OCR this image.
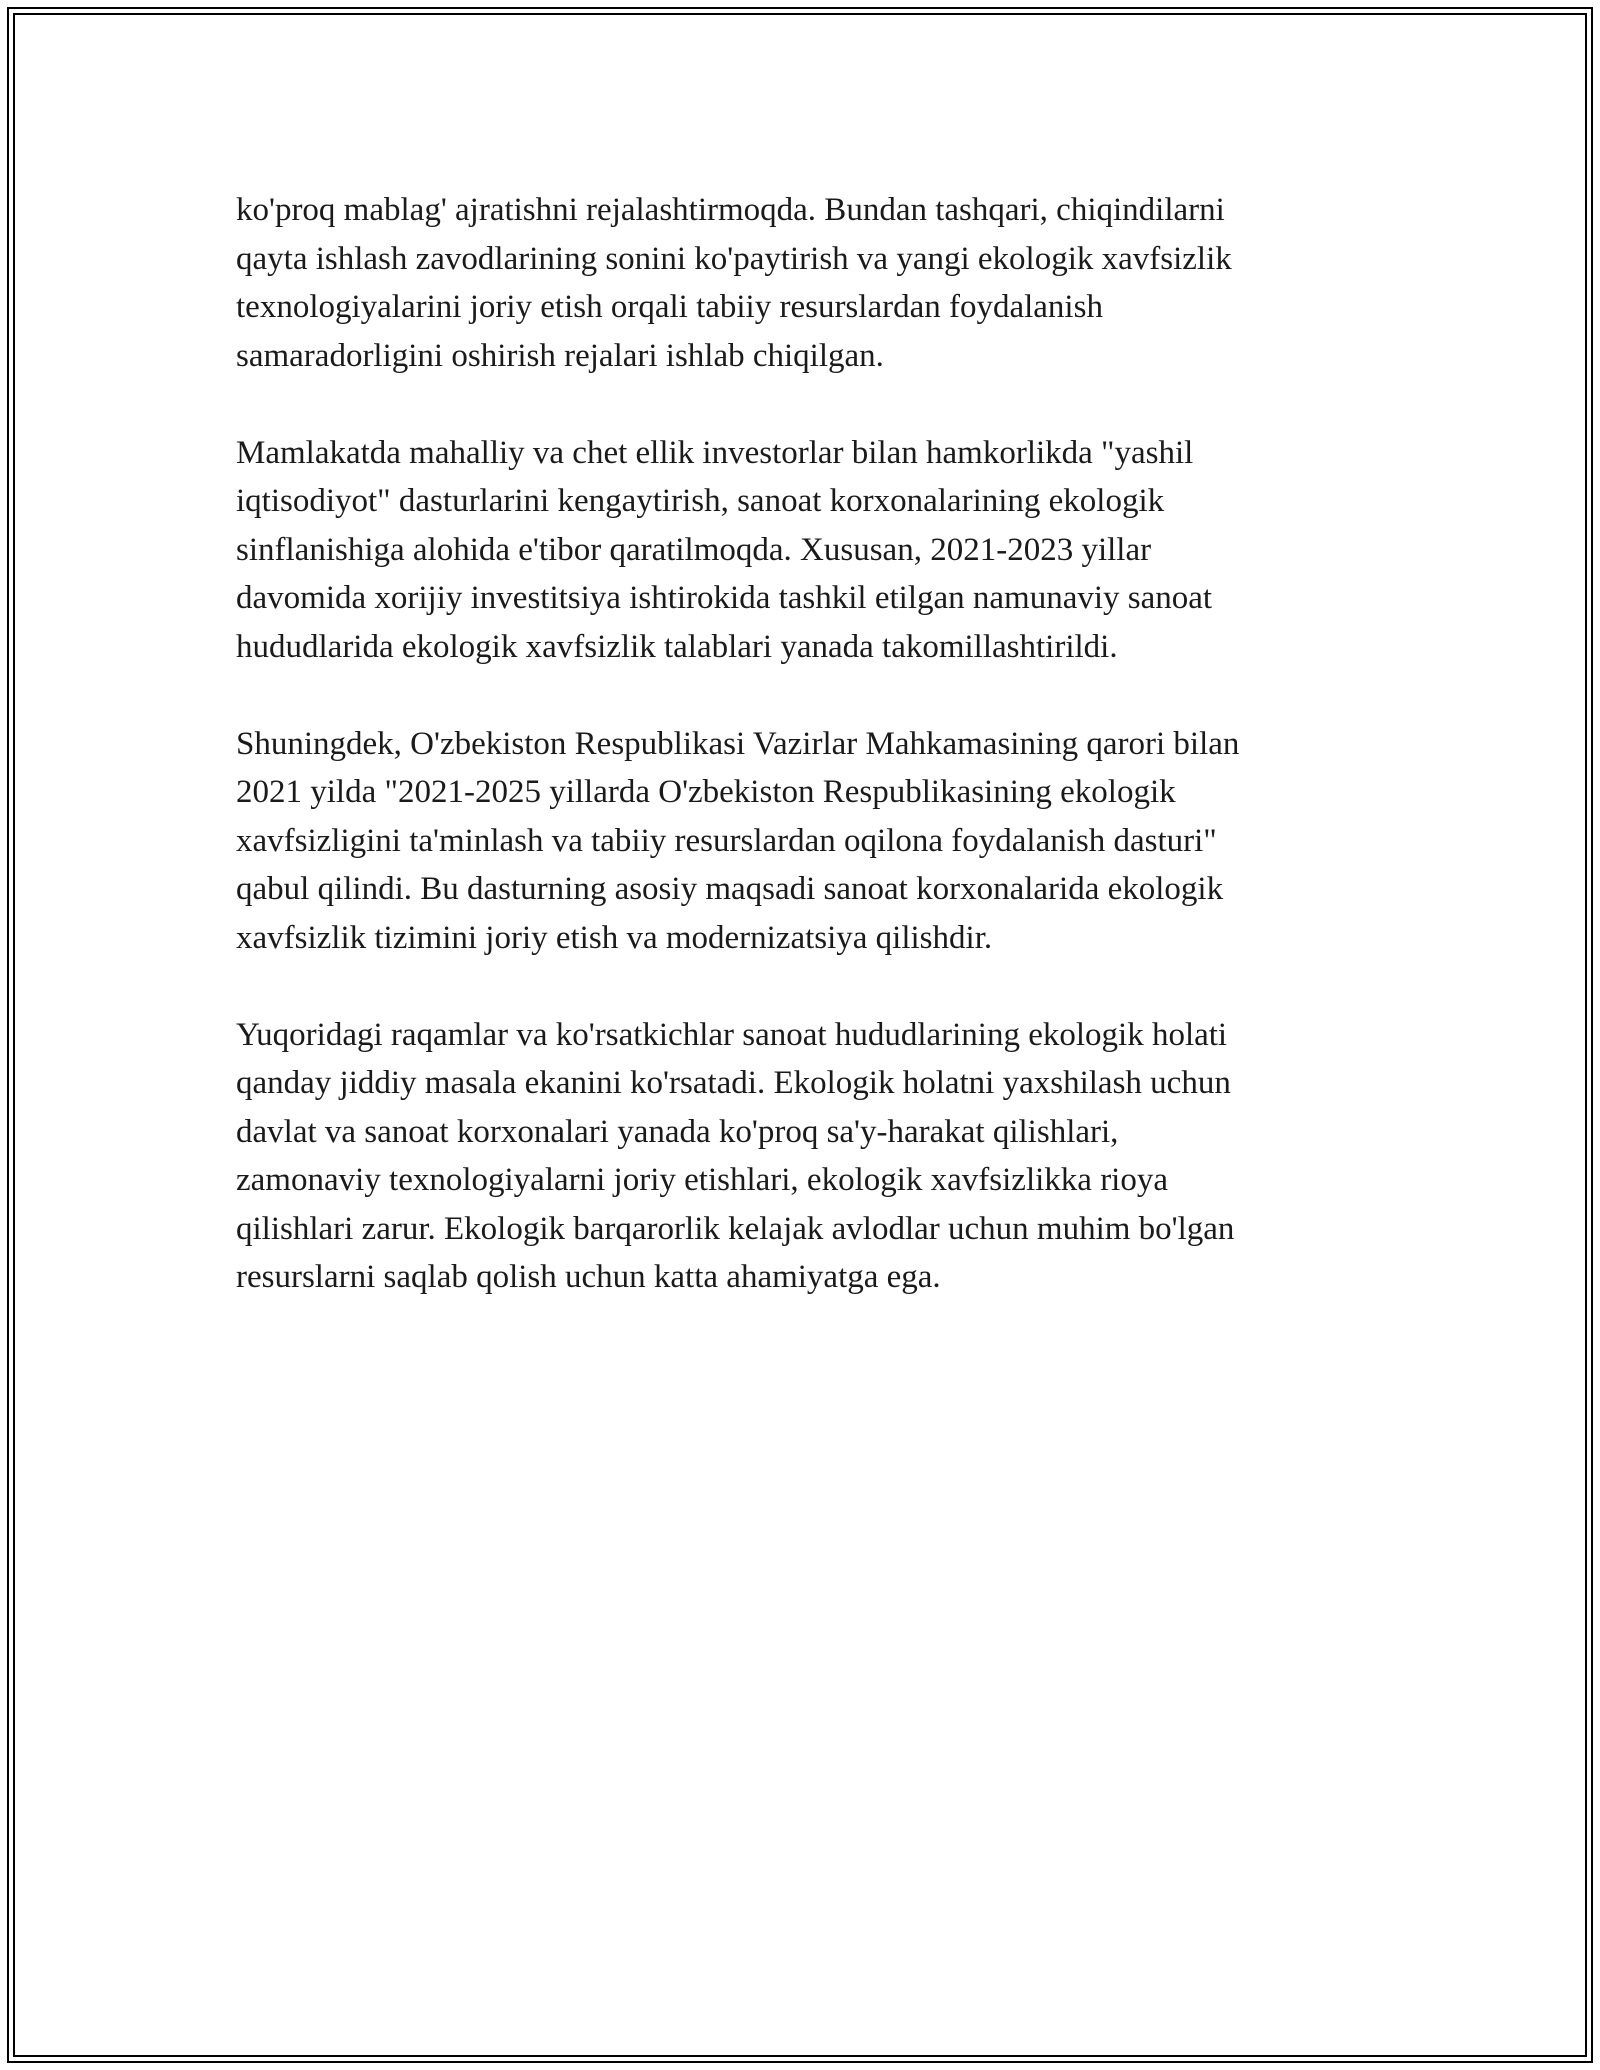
ko'proq mablag' ajratishni rejalashtirmoqda. Bundan tashqari, chiqindilarni
qayta ishlash zavodlarining sonini ko'paytirish va yangi ekologik xavfsizlik
texnologiyalarini joriy etish orqali tabiiy resurslardan foydalanish
samaradorligini oshirish rejalari ishlab chiqilgan.

Mamlakatda mahalliy va chet ellik investorlar bilan hamkorlikda "yashil
iqtisodiyot" dasturlarini kengaytirish, sanoat korxonalarining ekologik
sinflanishiga alohida e'tibor qaratilmoqda. Xususan, 2021-2023 yillar
davomida xorijiy investitsiya ishtirokida tashkil etilgan namunaviy sanoat
hududlarida ekologik xavfsizlik talablari yanada takomillashtirildi.

Shuningdek, O'zbekiston Respublikasi Vazirlar Mahkamasining qarori bilan
2021 yilda "2021-2025 yillarda O'zbekiston Respublikasining ekologik
xavfsizligini ta'minlash va tabiiy resurslardan oqilona foydalanish dasturi"
qabul qilindi. Bu dasturning asosiy maqsadi sanoat korxonalarida ekologik
xavfsizlik tizimini joriy etish va modernizatsiya qilishdir.

Yuqoridagi raqamlar va ko'rsatkichlar sanoat hududlarining ekologik holati
qanday jiddiy masala ekanini ko'rsatadi. Ekologik holatni yaxshilash uchun
davlat va sanoat korxonalari yanada ko'proq sa'y-harakat qilishlari,
zamonaviy texnologiyalarni joriy etishlari, ekologik xavfsizlikka rioya
qilishlari zarur. Ekologik barqarorlik kelajak avlodlar uchun muhim bo'lgan
resurslarni saqlab qolish uchun katta ahamiyatga ega.
